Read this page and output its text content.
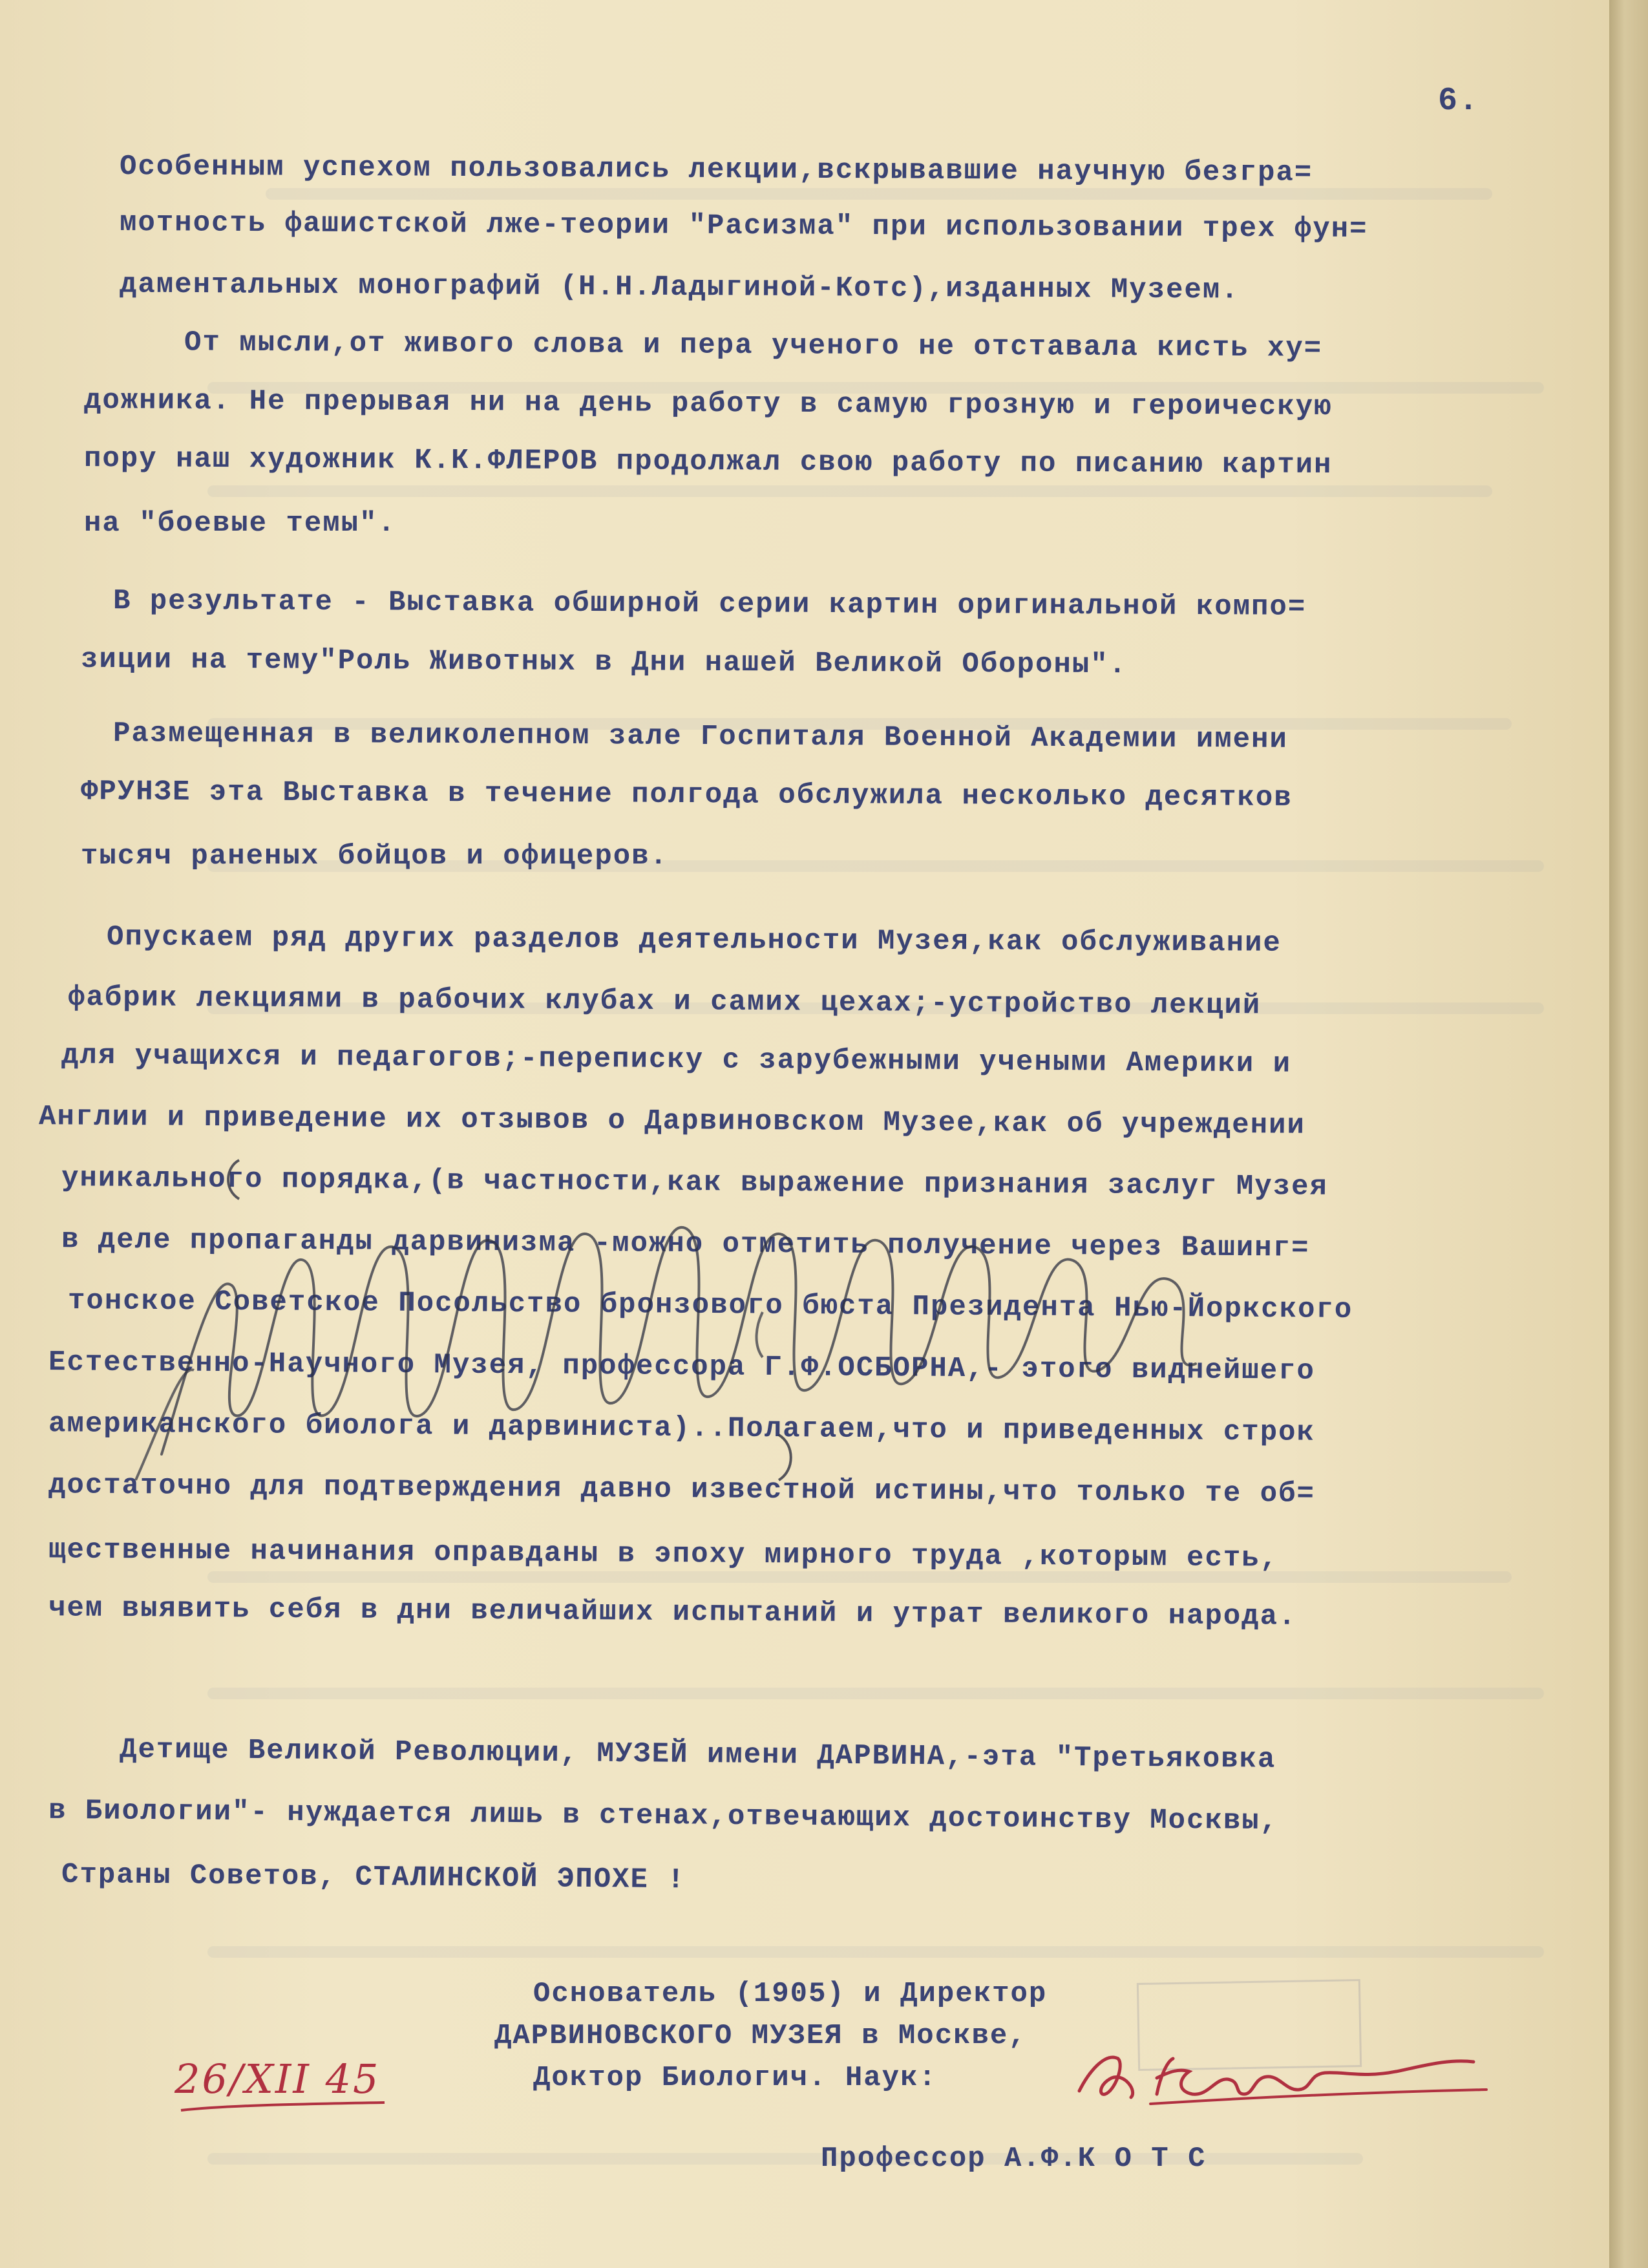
6.
Особенным успехом пользовались лекции,вскрывавшие научную безгра=
мотность фашистской лже-теории "Расизма" при использовании трех фун=
даментальных монографий (Н.Н.Ладыгиной-Котс),изданных Музеем.
От мысли,от живого слова и пера ученого не отставала кисть ху=
дожника. Не прерывая ни на день работу в самую грозную и героическую
пору наш художник К.К.ФЛЕРОВ продолжал свою работу по писанию картин
на "боевые темы".
В результате - Выставка обширной серии картин оригинальной компо=
зиции на тему"Роль Животных в Дни нашей Великой Обороны".
Размещенная в великолепном зале Госпиталя Военной Академии имени
ФРУНЗЕ эта Выставка в течение полгода обслужила несколько десятков
тысяч раненых бойцов и офицеров.
Опускаем ряд других разделов деятельности Музея,как обслуживание
фабрик лекциями в рабочих клубах и самих цехах;-устройство лекций
для учащихся и педагогов;-переписку с зарубежными учеными Америки и
Англии и приведение их отзывов о Дарвиновском Музее,как об учреждении
уникального порядка,(в частности,как выражение признания заслуг Музея
в деле пропаганды дарвинизма -можно отметить получение через Вашинг=
тонское Советское Посольство бронзового бюста Президента Нью-Йоркского
Естественно-Научного Музея, профессора Г.Ф.ОСБОРНА,- этого виднейшего
американского биолога и дарвиниста)..Полагаем,что и приведенных строк
достаточно для подтверждения давно известной истины,что только те об=
щественные начинания оправданы в эпоху мирного труда ,которым есть,
чем выявить себя в дни величайших испытаний и утрат великого народа.
Детище Великой Революции, МУЗЕЙ имени ДАРВИНА,-эта "Третьяковка
в Биологии"- нуждается лишь в стенах,отвечающих достоинству Москвы,
Страны Советов, СТАЛИНСКОЙ ЭПОХЕ !
Основатель (1905) и Директор
ДАРВИНОВСКОГО МУЗЕЯ в Москве,
Доктор Биологич. Наук:
Профессор А.Ф.К О Т С
26/XII 45
